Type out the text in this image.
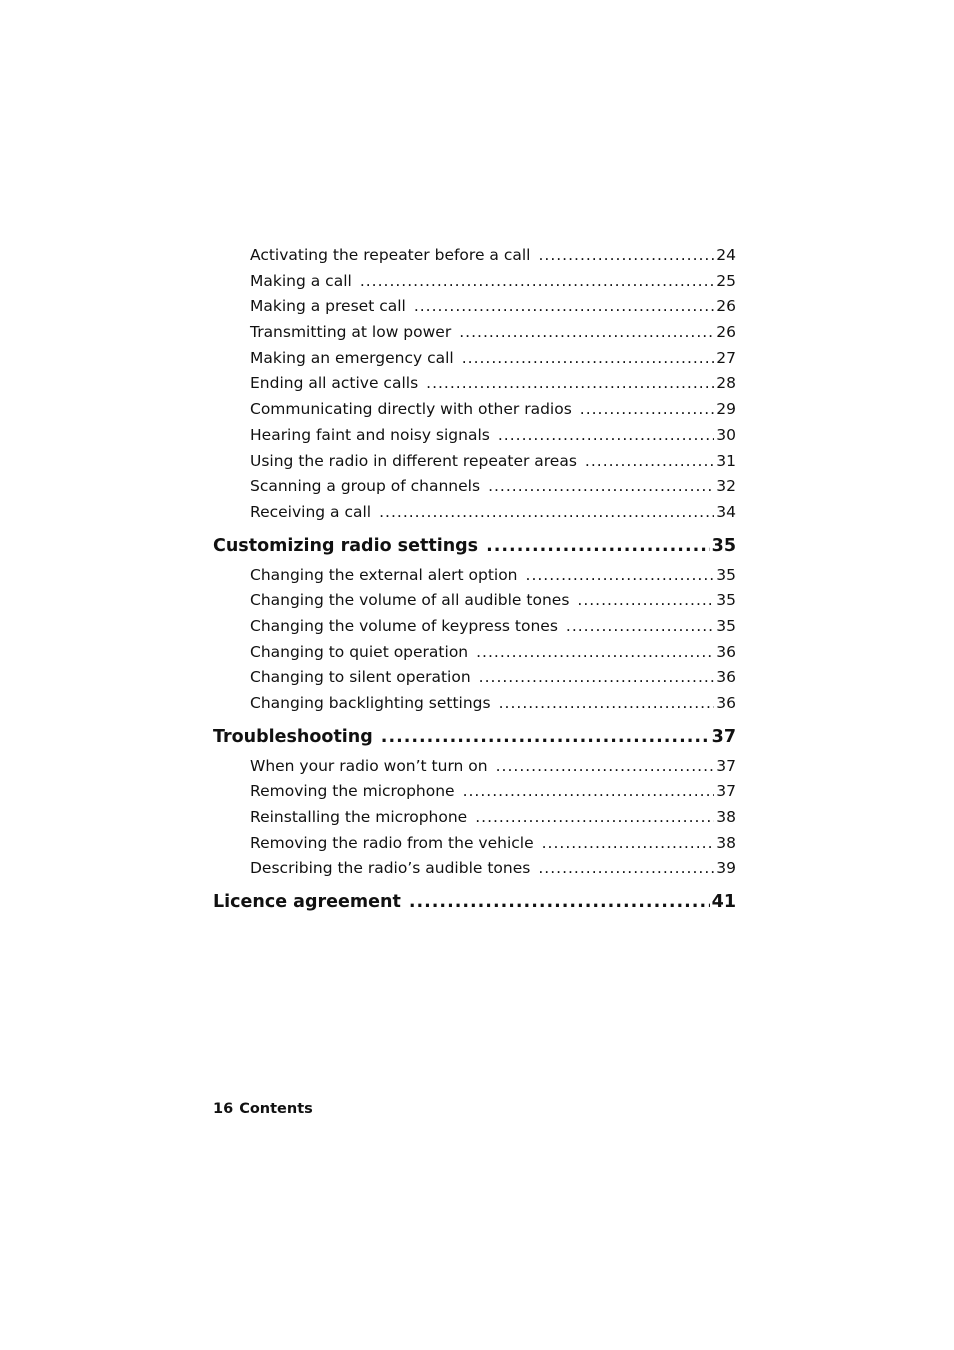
Activating the repeater before a call .....	24
Making a call .....	25
Making a preset call .....	26
Transmitting at low power .....	26
Making an emergency call .....	27
Ending all active calls .....	28
Communicating directly with other radios .....	29
Hearing faint and noisy signals .....	30
Using the radio in different repeater areas .....	31
Scanning a group of channels .....	32
Receiving a call .....	34
Customizing radio settings .....	35
Changing the external alert option .....	35
Changing the volume of all audible tones .....	35
Changing the volume of keypress tones .....	35
Changing to quiet operation .....	36
Changing to silent operation .....	36
Changing backlighting settings .....	36
Troubleshooting .....	37
When your radio won’t turn on .....	37
Removing the microphone .....	37
Reinstalling the microphone .....	38
Removing the radio from the vehicle .....	38
Describing the radio’s audible tones .....	39
Licence agreement .....	41
16 Contents
